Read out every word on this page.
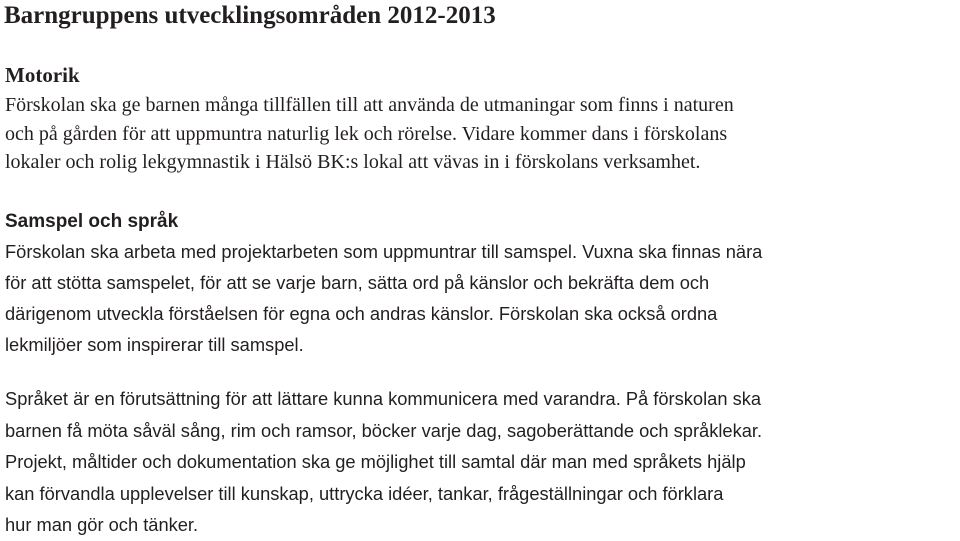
Barngruppens utvecklingsområden 2012-2013
Motorik

Förskolan ska ge barnen många tillfällen till att använda de utmaningar som finns i naturen
och på gården för att uppmuntra naturlig lek och rörelse. Vidare kommer dans i förskolans
lokaler och rolig lekgymnastik i Hälsö BK:s lokal att vävas in i förskolans verksamhet.

Samspel och språk

Förskolan ska arbeta med projektarbeten som uppmuntrar till samspel. Vuxna ska finnas nära
för att stötta samspelet, för att se varje barn, sätta ord på känslor och bekräfta dem och
därigenom utveckla förståelsen för egna och andras känslor. Förskolan ska också ordna
lekmiljöer som inspirerar till samspel.

Språket är en förutsättning för att lättare kunna kommunicera med varandra. På förskolan ska
barnen få möta såväl sång, rim och ramsor, böcker varje dag, sagoberättande och språklekar.
Projekt, måltider och dokumentation ska ge möjlighet till samtal där man med språkets hjälp
kan förvandla upplevelser till kunskap, uttrycka idéer, tankar, frågeställningar och förklara
hur man gör och tänker.
